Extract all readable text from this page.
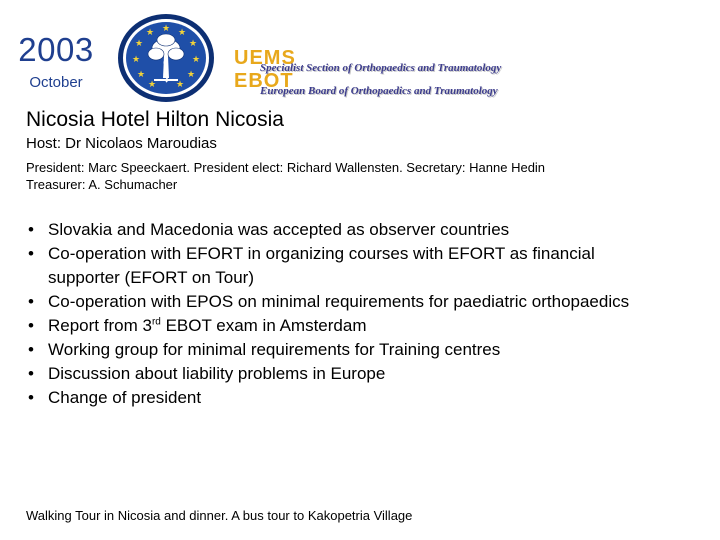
2003
October
★ ★
★
★
★
★
★
★
★
★
★
UEMS
Specialist Section of Orthopaedics and Traumatology
EBOT
European Board of Orthopaedics and Traumatology
Nicosia Hotel Hilton Nicosia
Host: Dr Nicolaos Maroudias
President: Marc Speeckaert. President elect: Richard Wallensten. Secretary: Hanne Hedin
Treasurer: A. Schumacher
• Slovakia and Macedonia was accepted as observer countries
• Co-operation with EFORT in organizing courses with EFORT as financial supporter (EFORT on Tour)
• Co-operation with EPOS on minimal requirements for paediatric orthopaedics
• Report from 3rd EBOT exam in Amsterdam
• Working group for minimal requirements for Training centres
• Discussion about liability problems in Europe
• Change of president
Walking Tour in Nicosia and dinner. A bus tour to Kakopetria Village
